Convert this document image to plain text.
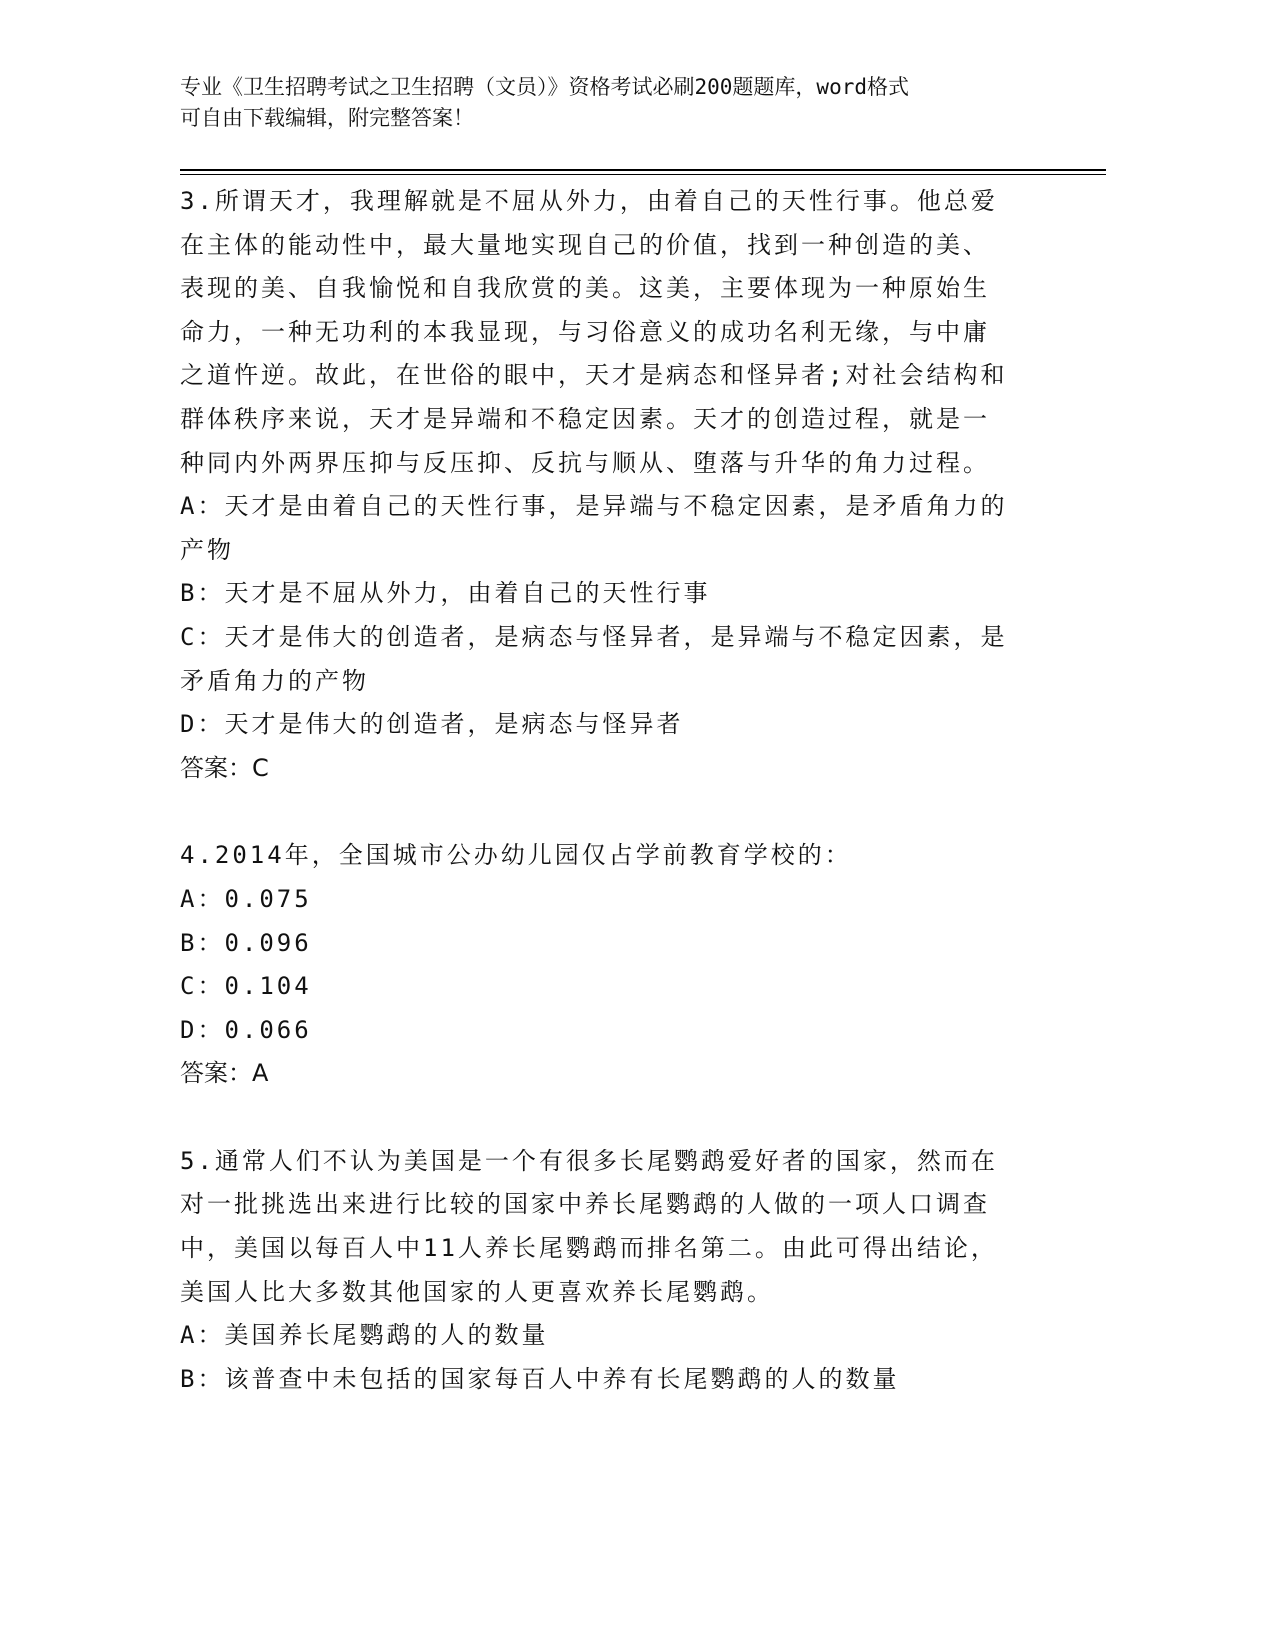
专业《卫生招聘考试之卫生招聘（文员）》资格考试必刷200题题库，word格式
可自由下载编辑，附完整答案！
3.所谓天才，我理解就是不屈从外力，由着自己的天性行事。他总爱
在主体的能动性中，最大量地实现自己的价值，找到一种创造的美、
表现的美、自我愉悦和自我欣赏的美。这美，主要体现为一种原始生
命力，一种无功利的本我显现，与习俗意义的成功名利无缘，与中庸
之道忤逆。故此，在世俗的眼中，天才是病态和怪异者;对社会结构和
群体秩序来说，天才是异端和不稳定因素。天才的创造过程，就是一
种同内外两界压抑与反压抑、反抗与顺从、堕落与升华的角力过程。
A：天才是由着自己的天性行事，是异端与不稳定因素，是矛盾角力的
产物
B：天才是不屈从外力，由着自己的天性行事
C：天才是伟大的创造者，是病态与怪异者，是异端与不稳定因素，是
矛盾角力的产物
D：天才是伟大的创造者，是病态与怪异者
答案：C
4.2014年，全国城市公办幼儿园仅占学前教育学校的：
A：0.075
B：0.096
C：0.104
D：0.066
答案：A
5.通常人们不认为美国是一个有很多长尾鹦鹉爱好者的国家，然而在
对一批挑选出来进行比较的国家中养长尾鹦鹉的人做的一项人口调查
中，美国以每百人中11人养长尾鹦鹉而排名第二。由此可得出结论，
美国人比大多数其他国家的人更喜欢养长尾鹦鹉。
A：美国养长尾鹦鹉的人的数量
B：该普查中未包括的国家每百人中养有长尾鹦鹉的人的数量
